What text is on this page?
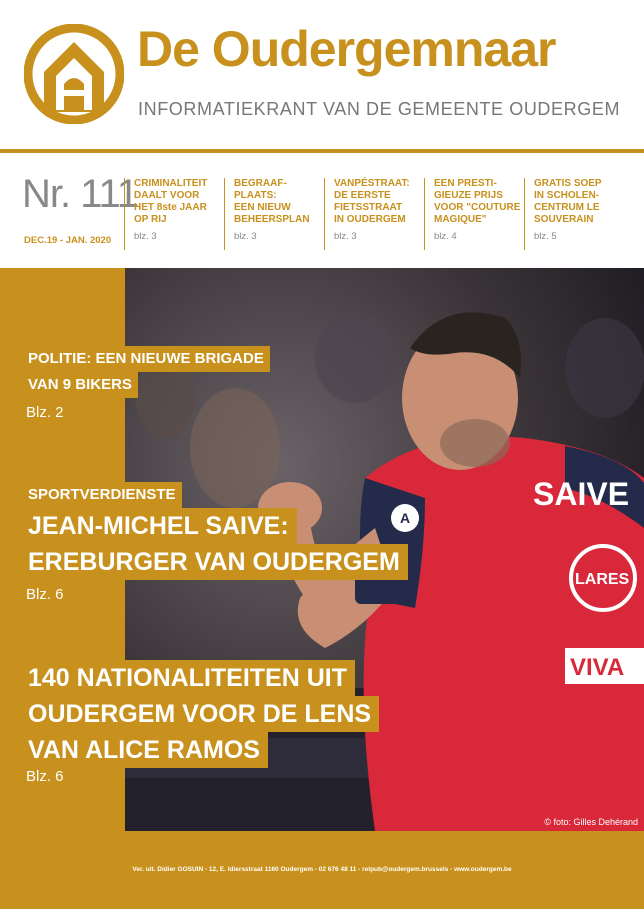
De Oudergemnaar
INFORMATIEKRANT VAN DE GEMEENTE OUDERGEM
Nr. 111
DEC.19 - JAN. 2020
CRIMINALITEIT
DAALT VOOR
HET 8ste JAAR
OP RIJ
blz. 3
BEGRAAF-
PLAATS:
EEN NIEUW
BEHEERSPLAN
blz. 3
VANPÉSTRAAT:
DE EERSTE
FIETSSTRAAT
IN OUDERGEM
blz. 3
EEN PRESTI-
GIEUZE PRIJS
VOOR "COUTURE
MAGIQUE"
blz. 4
GRATIS SOEP
IN SCHOLEN-
CENTRUM LE
SOUVERAIN
blz. 5
A
SAIVE
LARES
VIVA
© foto: Gilles Dehérand
POLITIE: EEN NIEUWE BRIGADE
VAN 9 BIKERS
Blz. 2
SPORTVERDIENSTE
JEAN-MICHEL SAIVE:
EREBURGER VAN OUDERGEM
Blz. 6
140 NATIONALITEITEN UIT
OUDERGEM VOOR DE LENS
VAN ALICE RAMOS
Blz. 6
Ver. uit. Didier GOSUIN - 12, E. Idiersstraat 1160 Oudergem - 02 676 48 11 - relpub@oudergem.brussels - www.oudergem.be
